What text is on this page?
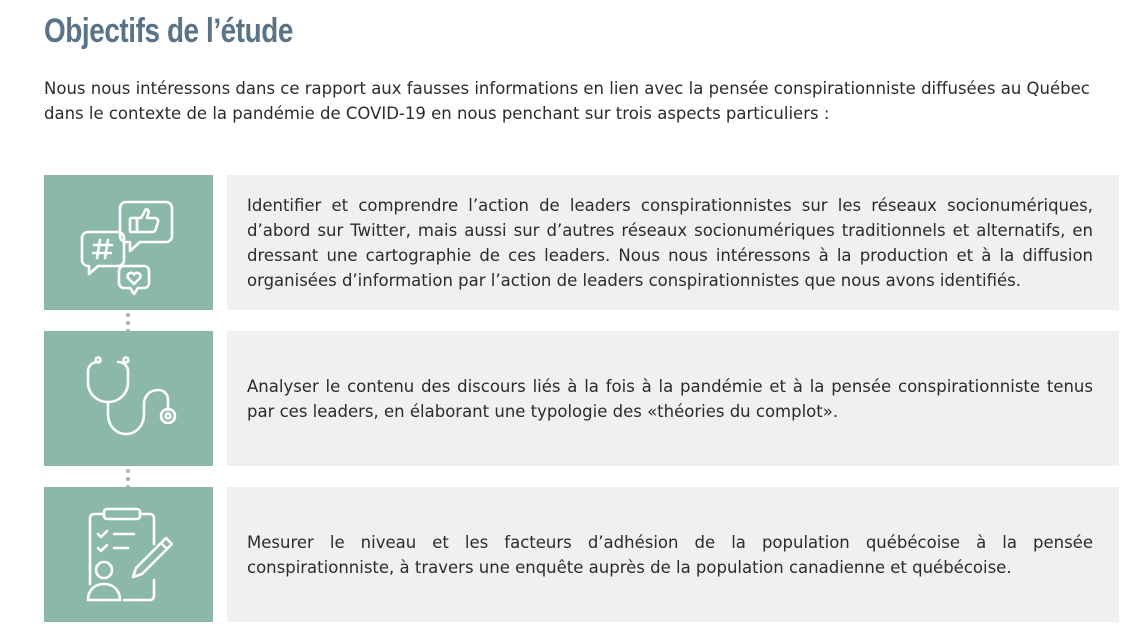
Objectifs de l’étude

Nous nous intéressons dans ce rapport aux fausses informations en lien avec la pensée conspirationniste diffusées au Québec dans le contexte de la pandémie de COVID-19 en nous penchant sur trois aspects particuliers :

Identifier et comprendre l’action de leaders conspirationnistes sur les réseaux socionumériques, d’abord sur Twitter, mais aussi sur d’autres réseaux socionumériques traditionnels et alternatifs, en dressant une cartographie de ces leaders. Nous nous intéressons à la production et à la diffusion organisées d’information par l’action de leaders conspirationnistes que nous avons identifiés.

Analyser le contenu des discours liés à la fois à la pandémie et à la pensée conspirationniste tenus par ces leaders, en élaborant une typologie des «théories du complot».

Mesurer le niveau et les facteurs d’adhésion de la population québécoise à la pensée conspirationniste, à travers une enquête auprès de la population canadienne et québécoise.
